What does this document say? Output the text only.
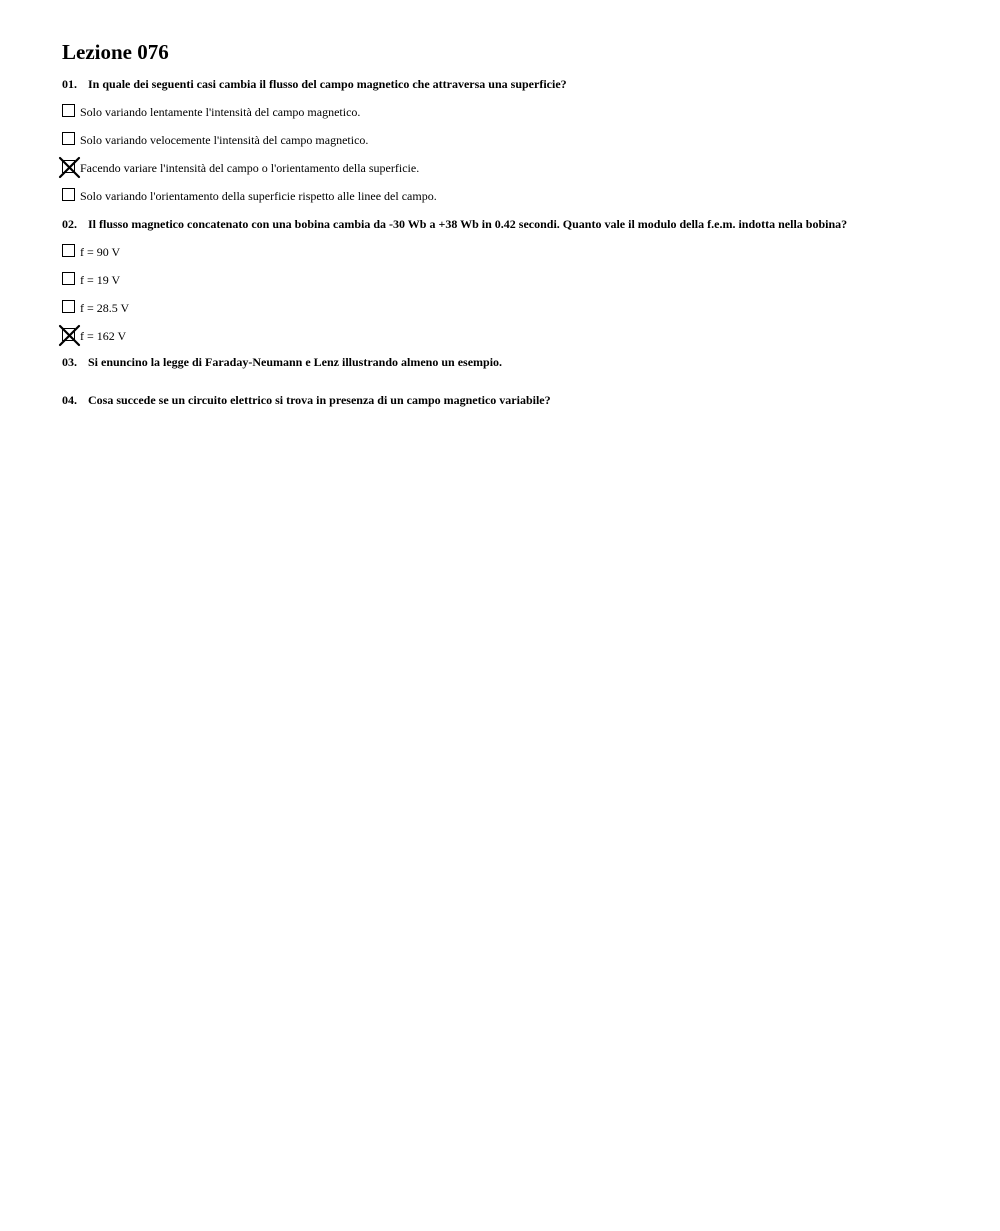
Lezione 076
01. In quale dei seguenti casi cambia il flusso del campo magnetico che attraversa una superficie?
Solo variando lentamente l'intensità del campo magnetico.
Solo variando velocemente l'intensità del campo magnetico.
Facendo variare l'intensità del campo o l'orientamento della superficie.
Solo variando l'orientamento della superficie rispetto alle linee del campo.
02. Il flusso magnetico concatenato con una bobina cambia da -30 Wb a +38 Wb in 0.42 secondi. Quanto vale il modulo della f.e.m. indotta nella bobina?
f = 90 V
f = 19 V
f = 28.5 V
f = 162 V
03. Si enuncino la legge di Faraday-Neumann e Lenz illustrando almeno un esempio.
04. Cosa succede se un circuito elettrico si trova in presenza di un campo magnetico variabile?
